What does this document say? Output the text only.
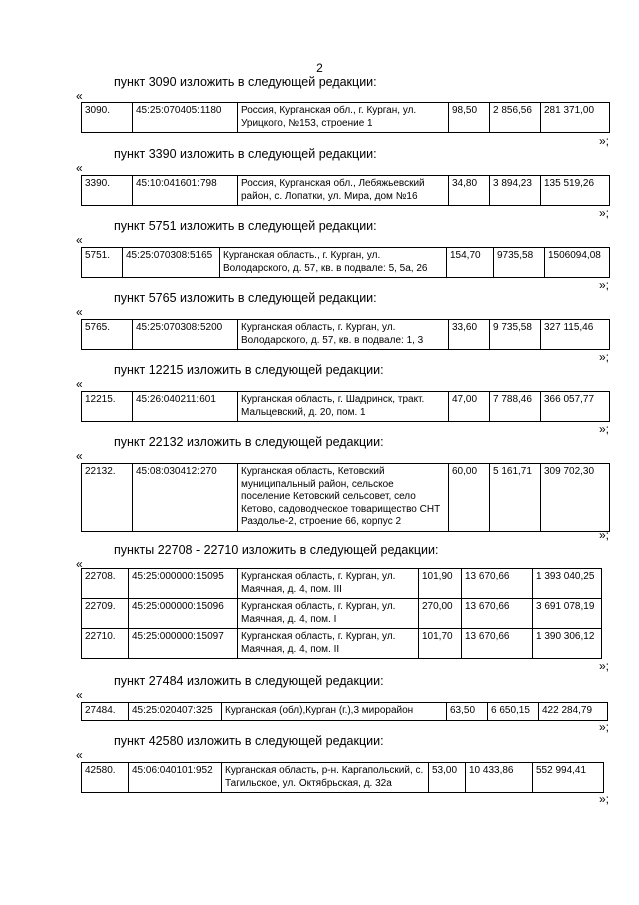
2
пункт 3090 изложить в следующей редакции:
«
3090.	45:25:070405:1180	Россия, Курганская обл., г. Курган, ул. Урицкого, №153, строение 1	98,50	2 856,56	281 371,00
»;
пункт 3390 изложить в следующей редакции:
«
3390.	45:10:041601:798	Россия, Курганская обл., Лебяжьевский район, с. Лопатки, ул. Мира, дом №16	34,80	3 894,23	135 519,26
»;
пункт 5751 изложить в следующей редакции:
«
5751.	45:25:070308:5165	Курганская область., г. Курган, ул. Володарского, д. 57, кв. в подвале: 5, 5а, 26	154,70	9735,58	1506094,08
»;
пункт 5765 изложить в следующей редакции:
«
5765.	45:25:070308:5200	Курганская область, г. Курган, ул. Володарского, д. 57, кв. в подвале: 1, 3	33,60	9 735,58	327 115,46
»;
пункт 12215 изложить в следующей редакции:
«
12215.	45:26:040211:601	Курганская область, г. Шадринск, тракт. Мальцевский, д. 20, пом. 1	47,00	7 788,46	366 057,77
»;
пункт 22132 изложить в следующей редакции:
«
22132.	45:08:030412:270	Курганская область, Кетовский муниципальный район, сельское поселение Кетовский сельсовет, село Кетово, садоводческое товарищество СНТ Раздолье-2, строение 66, корпус 2	60,00	5 161,71	309 702,30
»;
пункты 22708 - 22710 изложить в следующей редакции:
«
22708.	45:25:000000:15095	Курганская область, г. Курган, ул. Маячная, д. 4, пом. III	101,90	13 670,66	1 393 040,25
22709.	45:25:000000:15096	Курганская область, г. Курган, ул. Маячная, д. 4, пом. I	270,00	13 670,66	3 691 078,19
22710.	45:25:000000:15097	Курганская область, г. Курган, ул. Маячная, д. 4, пом. II	101,70	13 670,66	1 390 306,12
»;
пункт 27484 изложить в следующей редакции:
«
27484.	45:25:020407:325	Курганская (обл),Курган (г.),3 мирорайон	63,50	6 650,15	422 284,79
»;
пункт 42580 изложить в следующей редакции:
«
42580.	45:06:040101:952	Курганская область, р-н. Каргапольский, с. Тагильское, ул. Октябрьская, д. 32а	53,00	10 433,86	552 994,41
»;
